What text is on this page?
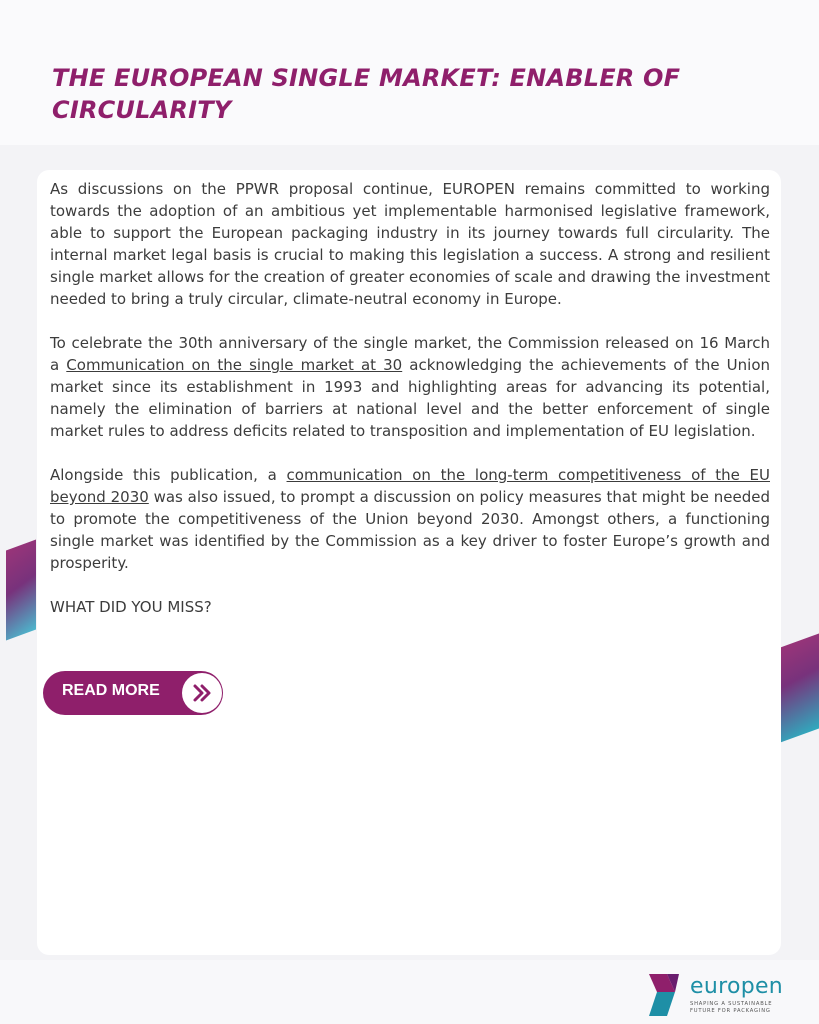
THE EUROPEAN SINGLE MARKET: ENABLER OF CIRCULARITY

As discussions on the PPWR proposal continue, EUROPEN remains committed to working towards the adoption of an ambitious yet implementable harmonised legislative framework, able to support the European packaging industry in its journey towards full circularity. The internal market legal basis is crucial to making this legislation a success. A strong and resilient single market allows for the creation of greater economies of scale and drawing the investment needed to bring a truly circular, climate-neutral economy in Europe.

To celebrate the 30th anniversary of the single market, the Commission released on 16 March a Communication on the single market at 30 acknowledging the achievements of the Union market since its establishment in 1993 and highlighting areas for advancing its potential, namely the elimination of barriers at national level and the better enforcement of single market rules to address deficits related to transposition and implementation of EU legislation.

Alongside this publication, a communication on the long-term competitiveness of the EU beyond 2030 was also issued, to prompt a discussion on policy measures that might be needed to promote the competitiveness of the Union beyond 2030. Amongst others, a functioning single market was identified by the Commission as a key driver to foster Europe’s growth and prosperity.

WHAT DID YOU MISS?

READ MORE
europen
SHAPING A SUSTAINABLE FUTURE FOR PACKAGING
